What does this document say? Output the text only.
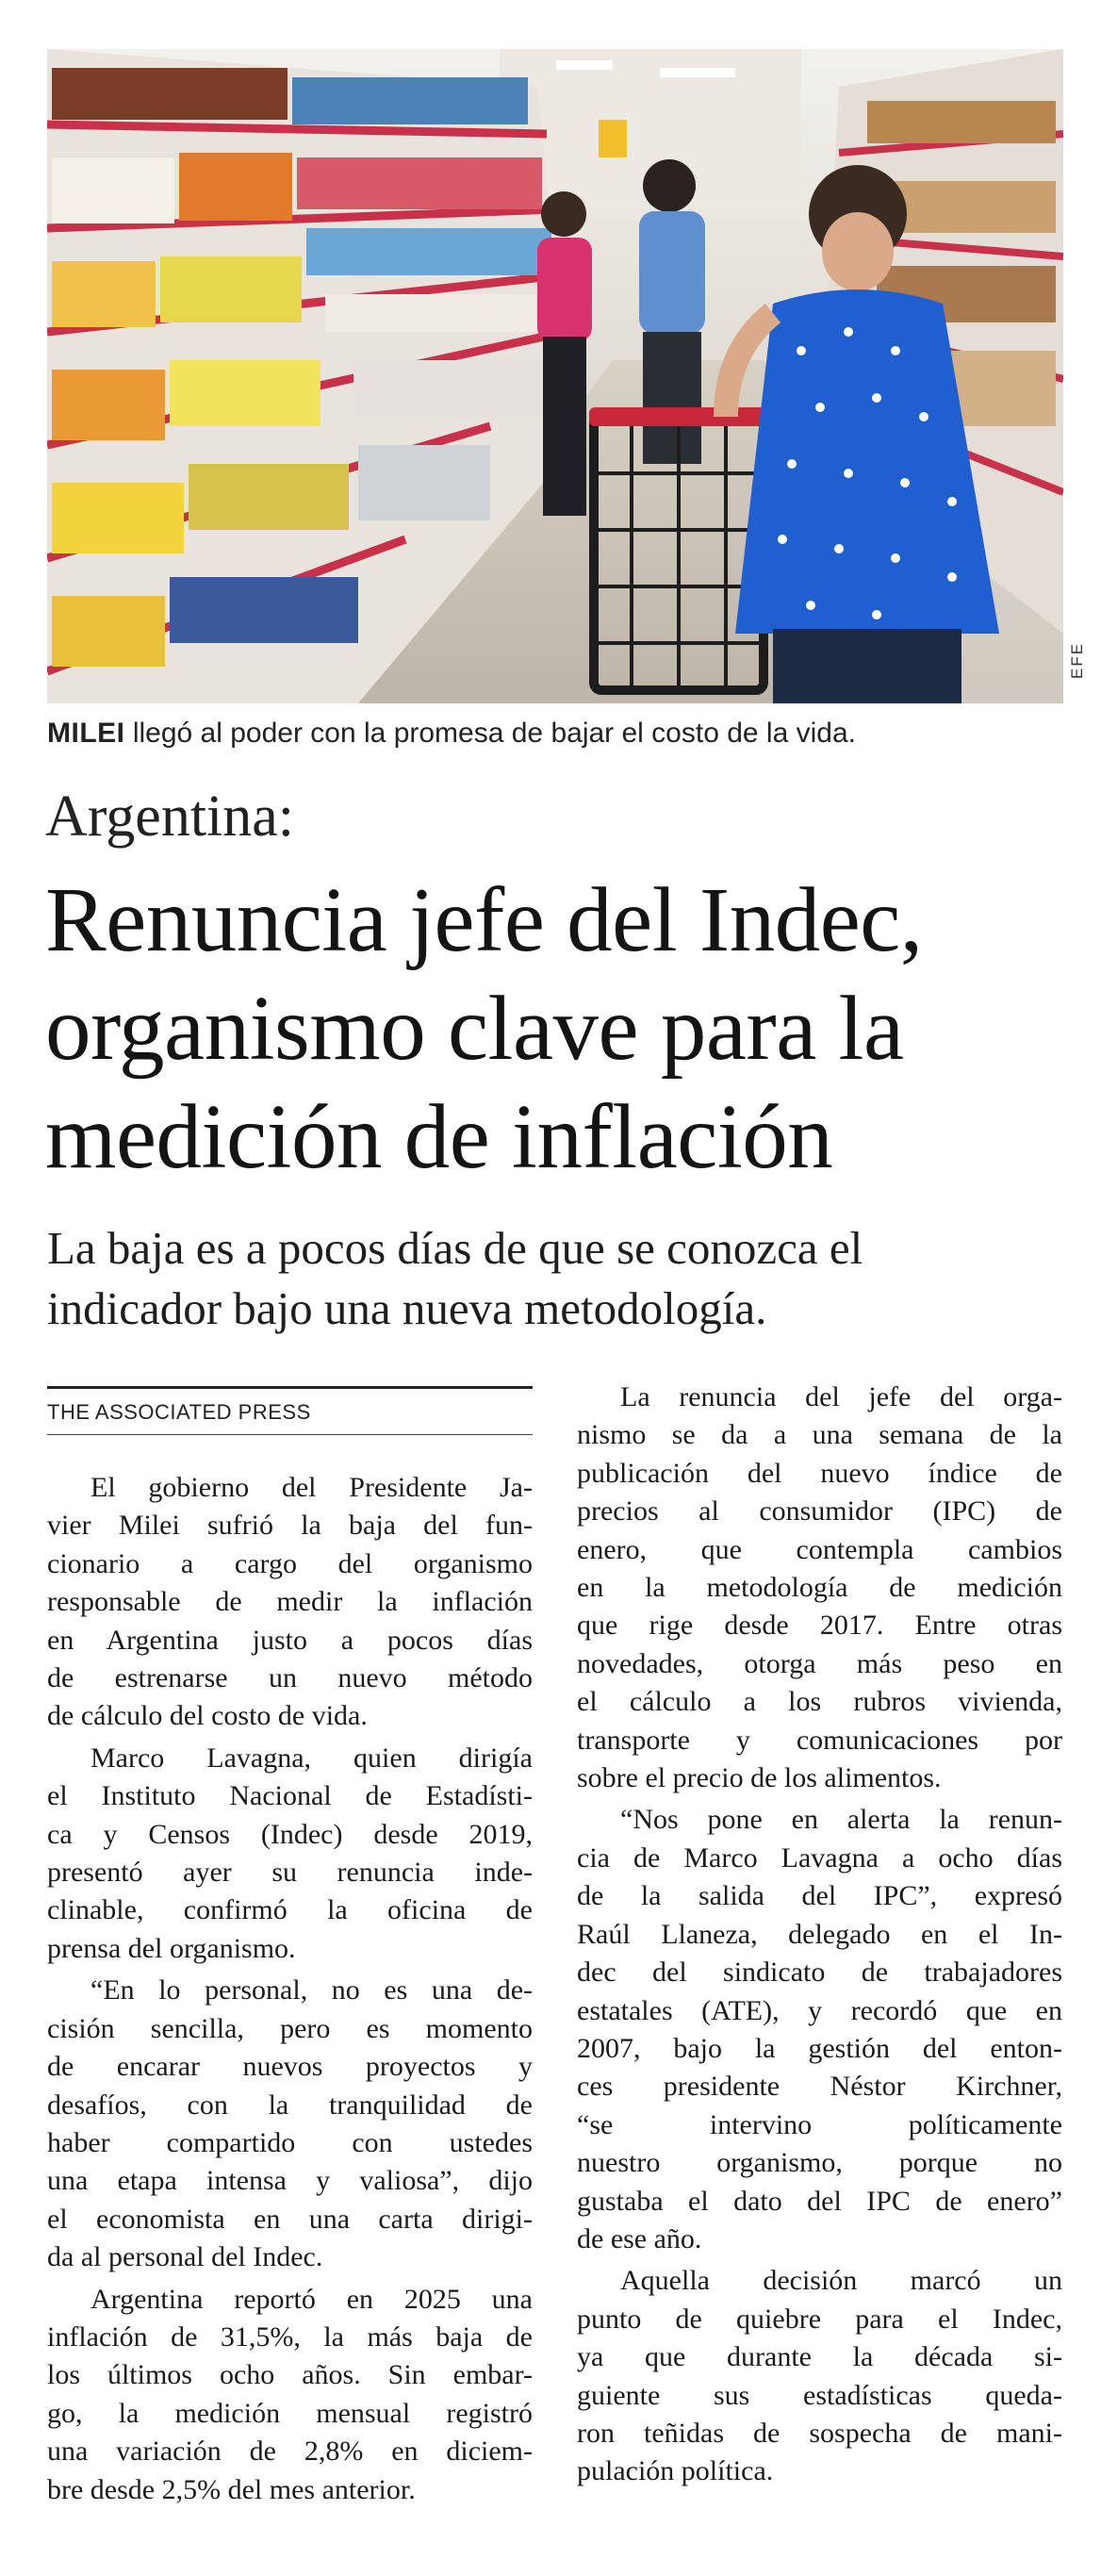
EFE
MILEI llegó al poder con la promesa de bajar el costo de la vida.
Argentina:
Renuncia jefe del Indec,
organismo clave para la
medición de inflación
La baja es a pocos días de que se conozca el
indicador bajo una nueva metodología.
THE ASSOCIATED PRESS
El gobierno del Presidente Ja-
vier Milei sufrió la baja del fun-
cionario a cargo del organismo
responsable de medir la inflación
en Argentina justo a pocos días
de estrenarse un nuevo método
de cálculo del costo de vida.
Marco Lavagna, quien dirigía
el Instituto Nacional de Estadísti-
ca y Censos (Indec) desde 2019,
presentó ayer su renuncia inde-
clinable, confirmó la oficina de
prensa del organismo.
“En lo personal, no es una de-
cisión sencilla, pero es momento
de encarar nuevos proyectos y
desafíos, con la tranquilidad de
haber compartido con ustedes
una etapa intensa y valiosa”, dijo
el economista en una carta dirigi-
da al personal del Indec.
Argentina reportó en 2025 una
inflación de 31,5%, la más baja de
los últimos ocho años. Sin embar-
go, la medición mensual registró
una variación de 2,8% en diciem-
bre desde 2,5% del mes anterior.
La renuncia del jefe del orga-
nismo se da a una semana de la
publicación del nuevo índice de
precios al consumidor (IPC) de
enero, que contempla cambios
en la metodología de medición
que rige desde 2017. Entre otras
novedades, otorga más peso en
el cálculo a los rubros vivienda,
transporte y comunicaciones por
sobre el precio de los alimentos.
“Nos pone en alerta la renun-
cia de Marco Lavagna a ocho días
de la salida del IPC”, expresó
Raúl Llaneza, delegado en el In-
dec del sindicato de trabajadores
estatales (ATE), y recordó que en
2007, bajo la gestión del enton-
ces presidente Néstor Kirchner,
“se intervino políticamente
nuestro organismo, porque no
gustaba el dato del IPC de enero”
de ese año.
Aquella decisión marcó un
punto de quiebre para el Indec,
ya que durante la década si-
guiente sus estadísticas queda-
ron teñidas de sospecha de mani-
pulación política.
